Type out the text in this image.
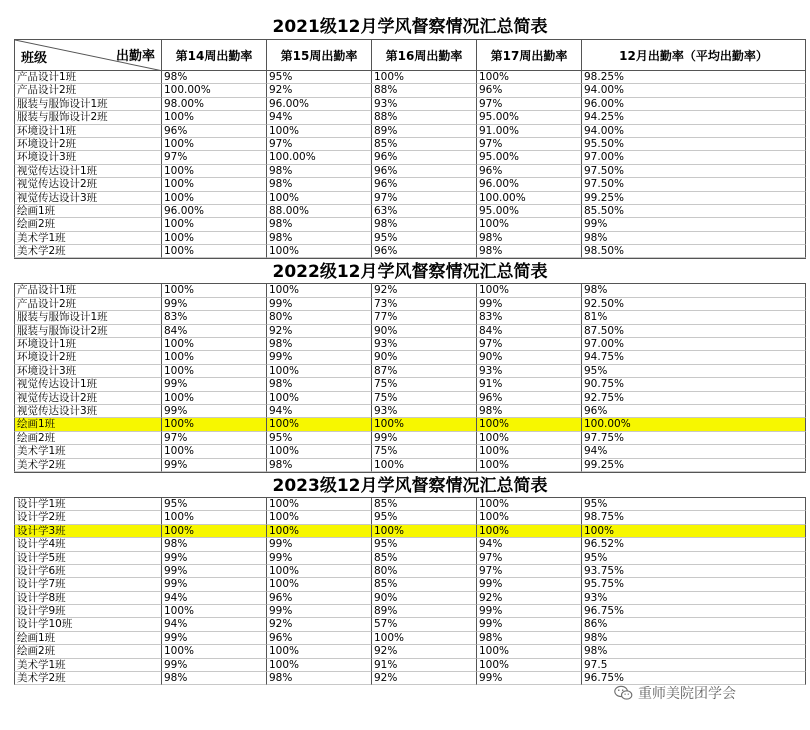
2021级12月学风督察情况汇总简表
班级	出勤率	第14周出勤率	第15周出勤率	第16周出勤率	第17周出勤率	12月出勤率（平均出勤率）
产品设计1班	98%	95%	100%	100%	98.25%
产品设计2班	100.00%	92%	88%	96%	94.00%
服装与服饰设计1班	98.00%	96.00%	93%	97%	96.00%
服装与服饰设计2班	100%	94%	88%	95.00%	94.25%
环境设计1班	96%	100%	89%	91.00%	94.00%
环境设计2班	100%	97%	85%	97%	95.50%
环境设计3班	97%	100.00%	96%	95.00%	97.00%
视觉传达设计1班	100%	98%	96%	96%	97.50%
视觉传达设计2班	100%	98%	96%	96.00%	97.50%
视觉传达设计3班	100%	100%	97%	100.00%	99.25%
绘画1班	96.00%	88.00%	63%	95.00%	85.50%
绘画2班	100%	98%	98%	100%	99%
美术学1班	100%	98%	95%	98%	98%
美术学2班	100%	100%	96%	98%	98.50%
2022级12月学风督察情况汇总简表
产品设计1班	100%	100%	92%	100%	98%
产品设计2班	99%	99%	73%	99%	92.50%
服装与服饰设计1班	83%	80%	77%	83%	81%
服装与服饰设计2班	84%	92%	90%	84%	87.50%
环境设计1班	100%	98%	93%	97%	97.00%
环境设计2班	100%	99%	90%	90%	94.75%
环境设计3班	100%	100%	87%	93%	95%
视觉传达设计1班	99%	98%	75%	91%	90.75%
视觉传达设计2班	100%	100%	75%	96%	92.75%
视觉传达设计3班	99%	94%	93%	98%	96%
绘画1班	100%	100%	100%	100%	100.00%
绘画2班	97%	95%	99%	100%	97.75%
美术学1班	100%	100%	75%	100%	94%
美术学2班	99%	98%	100%	100%	99.25%
2023级12月学风督察情况汇总简表
设计学1班	95%	100%	85%	100%	95%
设计学2班	100%	100%	95%	100%	98.75%
设计学3班	100%	100%	100%	100%	100%
设计学4班	98%	99%	95%	94%	96.52%
设计学5班	99%	99%	85%	97%	95%
设计学6班	99%	100%	80%	97%	93.75%
设计学7班	99%	100%	85%	99%	95.75%
设计学8班	94%	96%	90%	92%	93%
设计学9班	100%	99%	89%	99%	96.75%
设计学10班	94%	92%	57%	99%	86%
绘画1班	99%	96%	100%	98%	98%
绘画2班	100%	100%	92%	100%	98%
美术学1班	99%	100%	91%	100%	97.5
美术学2班	98%	98%	92%	99%	96.75%
重师美院团学会
